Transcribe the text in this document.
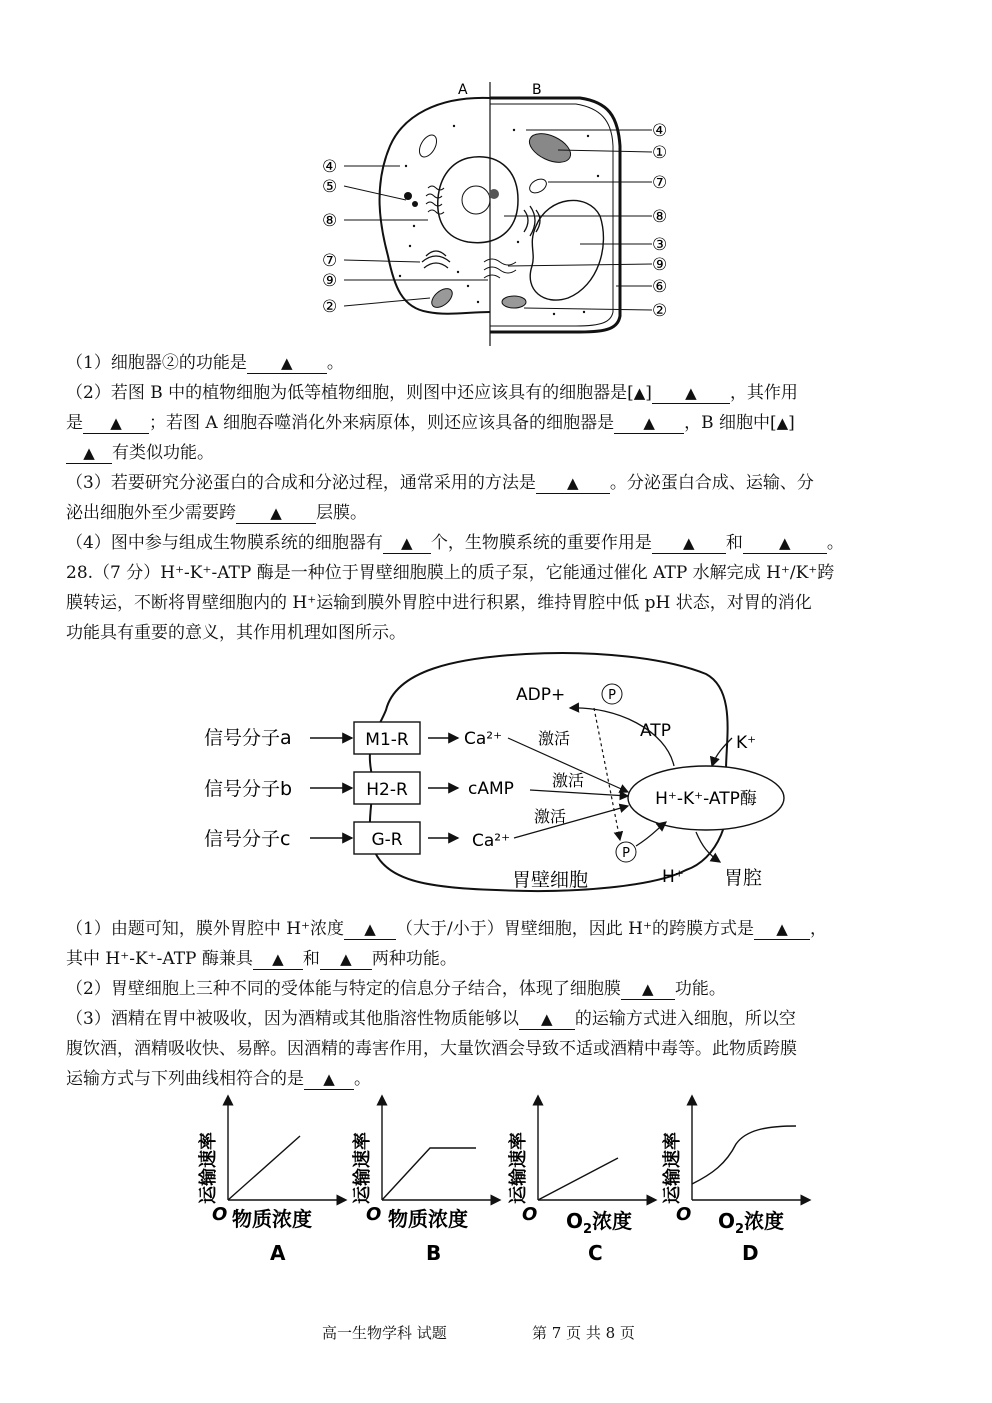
A	B
④
⑤
⑧
⑦
⑨
②
④
①
⑦
⑧
③
⑨
⑥
②
（1）细胞器②的功能是 ▲ 。
（2）若图 B 中的植物细胞为低等植物细胞，则图中还应该具有的细胞器是[▲] ▲ ，其作用
是 ▲ ；若图 A 细胞吞噬消化外来病原体，则还应该具备的细胞器是 ▲ ，B 细胞中[▲]
▲ 有类似功能。
（3）若要研究分泌蛋白的合成和分泌过程，通常采用的方法是 ▲ 。分泌蛋白合成、运输、分
泌出细胞外至少需要跨 ▲ 层膜。
（4）图中参与组成生物膜系统的细胞器有 ▲ 个，生物膜系统的重要作用是 ▲ 和 ▲ 。
28.（7 分）H⁺-K⁺-ATP 酶是一种位于胃壁细胞膜上的质子泵，它能通过催化 ATP 水解完成 H⁺/K⁺跨
膜转运，不断将胃壁细胞内的 H⁺运输到膜外胃腔中进行积累，维持胃腔中低 pH 状态，对胃的消化
功能具有重要的意义，其作用机理如图所示。
信号分子a
信号分子b
信号分子c
M1-R
H2-R
G-R
Ca²⁺
cAMP
Ca²⁺
激活
激活
激活
ADP+	P
P
ATP
K⁺
H⁺-K⁺-ATP酶
H⁺
胃壁细胞	胃腔
（1）由题可知，膜外胃腔中 H⁺浓度 ▲ （大于/小于）胃壁细胞，因此 H⁺的跨膜方式是 ▲ ，
其中 H⁺-K⁺-ATP 酶兼具 ▲ 和 ▲ 两种功能。
（2）胃壁细胞上三种不同的受体能与特定的信息分子结合，体现了细胞膜 ▲ 功能。
（3）酒精在胃中被吸收，因为酒精或其他脂溶性物质能够以 ▲ 的运输方式进入细胞，所以空
腹饮酒，酒精吸收快、易醉。因酒精的毒害作用，大量饮酒会导致不适或酒精中毒等。此物质跨膜
运输方式与下列曲线相符合的是 ▲ 。
运输速率
O 物质浓度
A
运输速率
O 物质浓度
B
运输速率
O $O_2$浓度
C
运输速率
O $O_2$浓度
D
高一生物学科 试题	第 7 页 共 8 页
